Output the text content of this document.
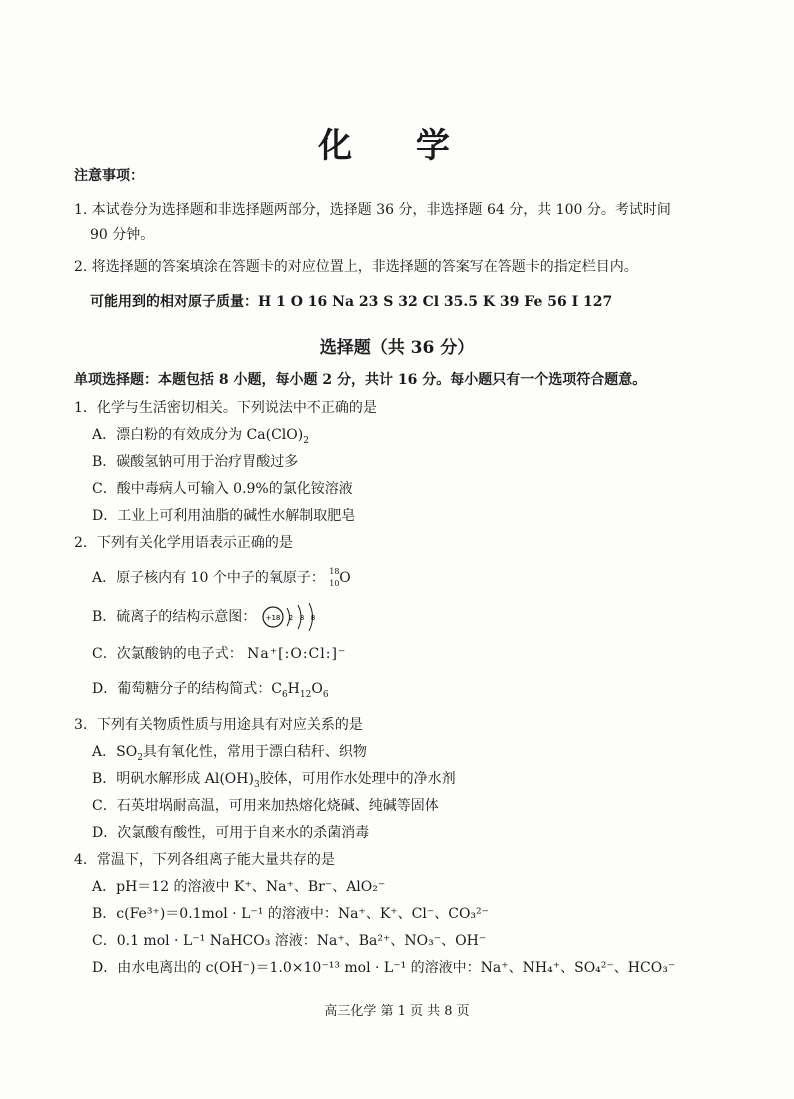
化 学
注意事项：
1. 本试卷分为选择题和非选择题两部分，选择题 36 分，非选择题 64 分，共 100 分。考试时间
90 分钟。
2. 将选择题的答案填涂在答题卡的对应位置上，非选择题的答案写在答题卡的指定栏目内。
可能用到的相对原子质量：H 1 O 16 Na 23 S 32 Cl 35.5 K 39 Fe 56 I 127
选择题（共 36 分）
单项选择题：本题包括 8 小题，每小题 2 分，共计 16 分。每小题只有一个选项符合题意。
1．化学与生活密切相关。下列说法中不正确的是
A．漂白粉的有效成分为 $Ca(ClO)_2$
B．碳酸氢钠可用于治疗胃酸过多
C．酸中毒病人可输入 0.9%的氯化铵溶液
D．工业上可利用油脂的碱性水解制取肥皂
2．下列有关化学用语表示正确的是
A．原子核内有 10 个中子的氧原子： 18
10 O
B．硫离子的结构示意图： +18 2 8 8
C．次氯酸钠的电子式： Na⁺[:O:Cl:]⁻
D．葡萄糖分子的结构简式：$C_6H_{12}O_6$
3．下列有关物质性质与用途具有对应关系的是
A．$SO_2$具有氧化性，常用于漂白秸秆、织物
B．明矾水解形成 $Al(OH)_3$胶体，可用作水处理中的净水剂
C．石英坩埚耐高温，可用来加热熔化烧碱、纯碱等固体
D．次氯酸有酸性，可用于自来水的杀菌消毒
4．常温下，下列各组离子能大量共存的是
A．pH＝12 的溶液中 K⁺、Na⁺、Br⁻、AlO₂⁻
B．c(Fe³⁺)＝0.1mol · L⁻¹ 的溶液中：Na⁺、K⁺、Cl⁻、CO₃²⁻
C．0.1 mol · L⁻¹ NaHCO₃ 溶液：Na⁺、Ba²⁺、NO₃⁻、OH⁻
D．由水电离出的 c(OH⁻)＝1.0×10⁻¹³ mol · L⁻¹ 的溶液中：Na⁺、NH₄⁺、SO₄²⁻、HCO₃⁻
高三化学 第 1 页 共 8 页
